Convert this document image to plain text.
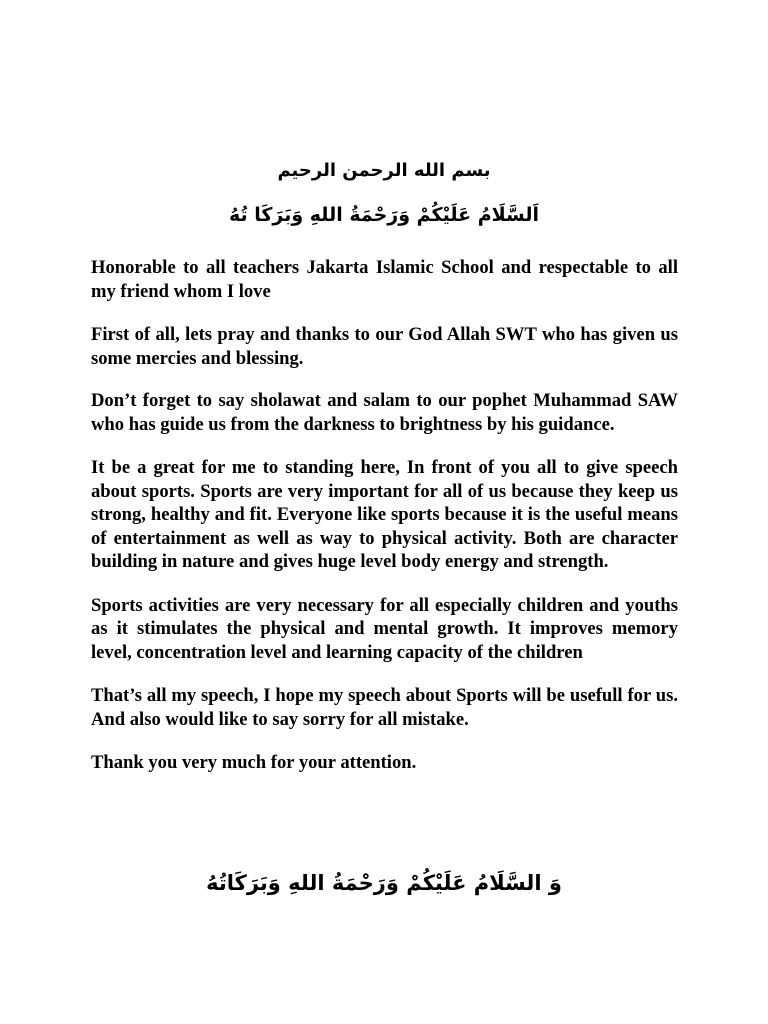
بسم الله الرحمن الرحيم
اَلسَّلَامُ عَلَيْكُمْ وَرَحْمَةُ اللهِ وَبَرَكَا تُهُ

Honorable to all teachers Jakarta Islamic School and respectable to all my friend whom I love

First of all, lets pray and thanks to our God Allah SWT who has given us some mercies and blessing.

Don’t forget to say sholawat and salam to our pophet Muhammad SAW who has guide us from the darkness to brightness by his guidance.

It be a great for me to standing here, In front of you all to give speech about sports. Sports are very important for all of us because they keep us strong, healthy and fit. Everyone like sports because it is the useful means of entertainment as well as way to physical activity. Both are character building in nature and gives huge level body energy and strength.

Sports activities are very necessary for all especially children and youths as it stimulates the physical and mental growth. It improves memory level, concentration level and learning capacity of the children

That’s all my speech, I hope my speech about Sports will be usefull for us. And also would like to say sorry for all mistake.

Thank you very much for your attention.

وَ السَّلَامُ عَلَيْكُمْ وَرَحْمَةُ اللهِ وَبَرَكَاتُهُ
